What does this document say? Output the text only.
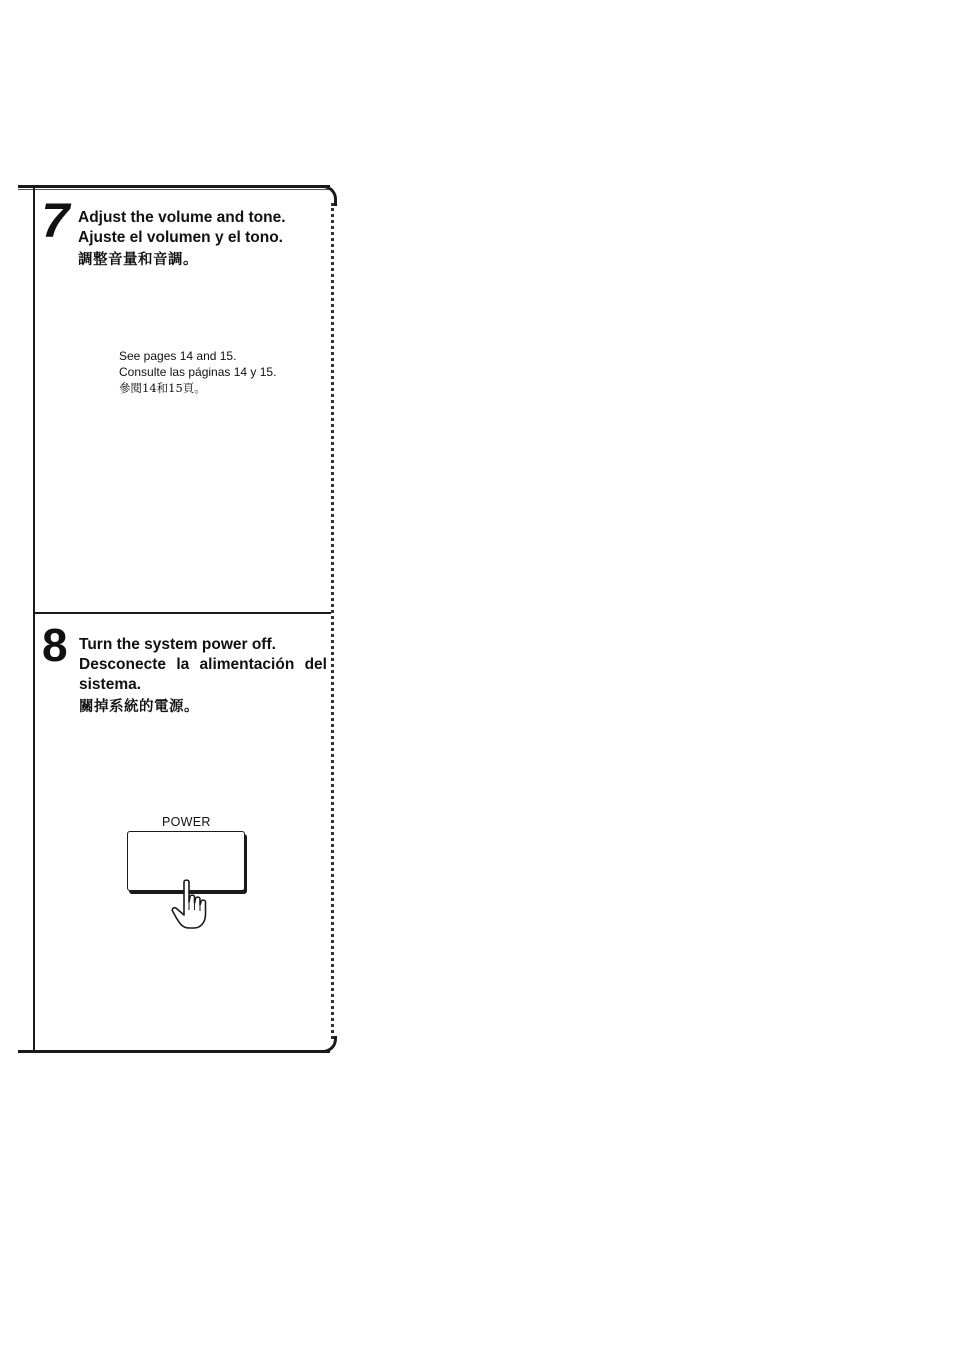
7 Adjust the volume and tone.
Ajuste el volumen y el tono.
調整音量和音調。
See pages 14 and 15.
Consulte las páginas 14 y 15.
參閱14和15頁。
8 Turn the system power off.
Desconecte la alimentación del
sistema.
關掉系統的電源。
POWER
